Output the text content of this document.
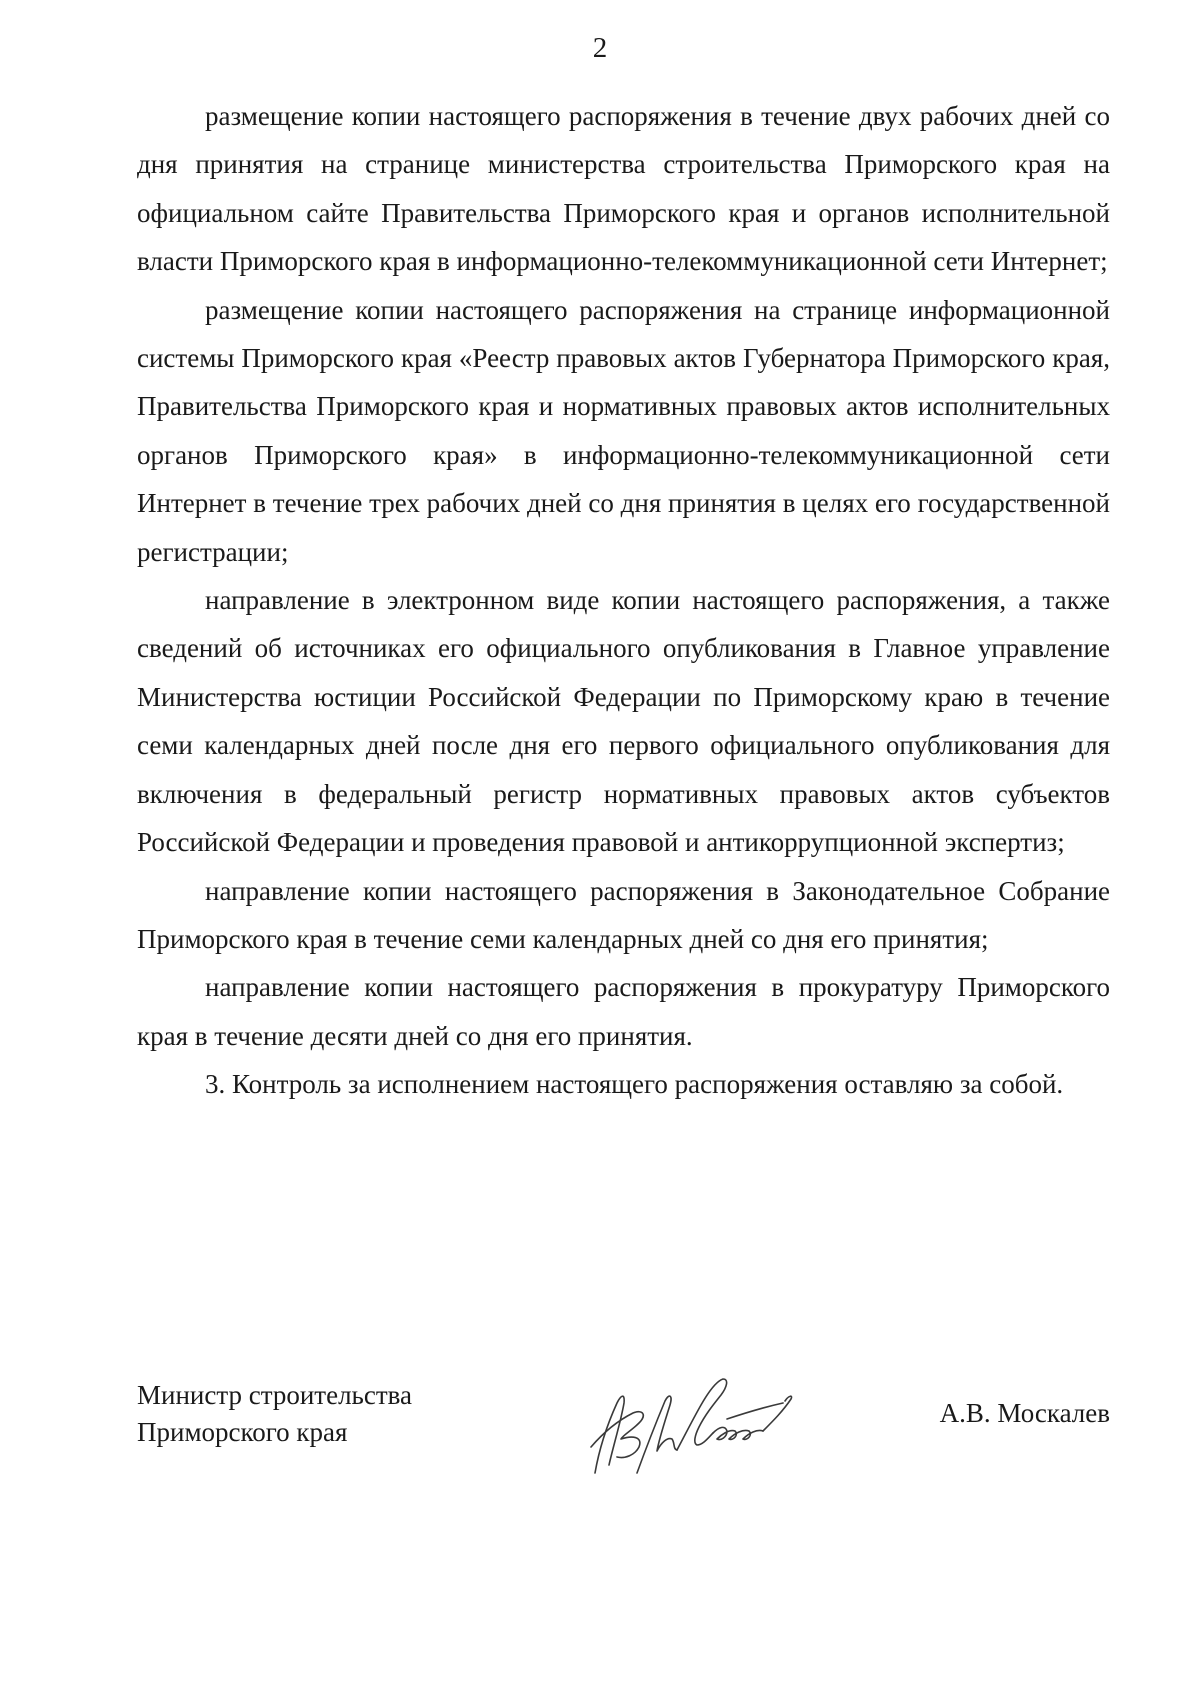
2

размещение копии настоящего распоряжения в течение двух рабочих дней со дня принятия на странице министерства строительства Приморского края на официальном сайте Правительства Приморского края и органов исполнительной власти Приморского края в информационно-телекоммуникационной сети Интернет;

размещение копии настоящего распоряжения на странице информационной системы Приморского края «Реестр правовых актов Губернатора Приморского края, Правительства Приморского края и нормативных правовых актов исполнительных органов Приморского края» в информационно-телекоммуникационной сети Интернет в течение трех рабочих дней со дня принятия в целях его государственной регистрации;

направление в электронном виде копии настоящего распоряжения, а также сведений об источниках его официального опубликования в Главное управление Министерства юстиции Российской Федерации по Приморскому краю в течение семи календарных дней после дня его первого официального опубликования для включения в федеральный регистр нормативных правовых актов субъектов Российской Федерации и проведения правовой и антикоррупционной экспертиз;

направление копии настоящего распоряжения в Законодательное Собрание Приморского края в течение семи календарных дней со дня его принятия;

направление копии настоящего распоряжения в прокуратуру Приморского края в течение десяти дней со дня его принятия.

3. Контроль за исполнением настоящего распоряжения оставляю за собой.

Министр строительства
Приморского края
А.В. Москалев
